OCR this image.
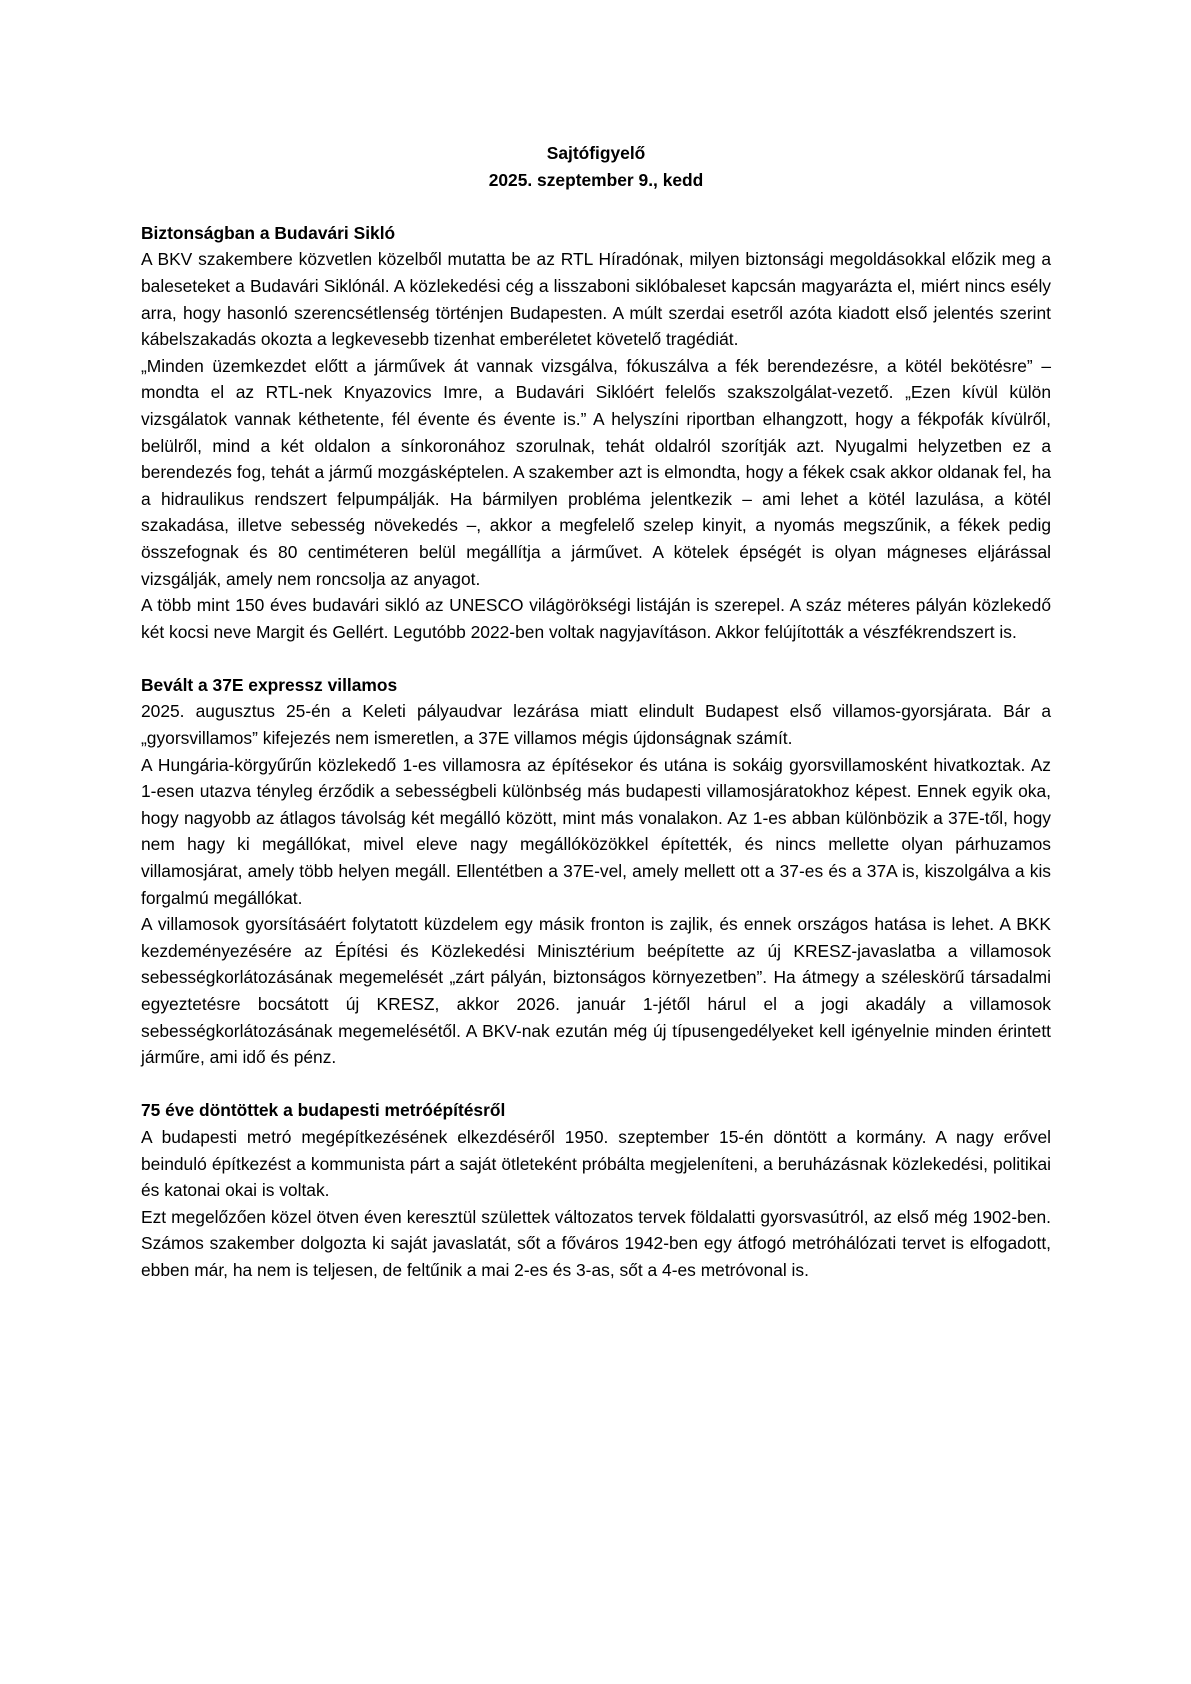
Sajtófigyelő
2025. szeptember 9., kedd

Biztonságban a Budavári Sikló

A BKV szakembere közvetlen közelből mutatta be az RTL Híradónak, milyen biztonsági megoldásokkal előzik meg a baleseteket a Budavári Siklónál. A közlekedési cég a lisszaboni siklóbaleset kapcsán magyarázta el, miért nincs esély arra, hogy hasonló szerencsétlenség történjen Budapesten. A múlt szerdai esetről azóta kiadott első jelentés szerint kábelszakadás okozta a legkevesebb tizenhat emberéletet követelő tragédiát.

„Minden üzemkezdet előtt a járművek át vannak vizsgálva, fókuszálva a fék berendezésre, a kötél bekötésre” – mondta el az RTL-nek Knyazovics Imre, a Budavári Siklóért felelős szakszolgálat-vezető. „Ezen kívül külön vizsgálatok vannak kéthetente, fél évente és évente is.” A helyszíni riportban elhangzott, hogy a fékpofák kívülről, belülről, mind a két oldalon a sínkoronához szorulnak, tehát oldalról szorítják azt. Nyugalmi helyzetben ez a berendezés fog, tehát a jármű mozgásképtelen. A szakember azt is elmondta, hogy a fékek csak akkor oldanak fel, ha a hidraulikus rendszert felpumpálják. Ha bármilyen probléma jelentkezik – ami lehet a kötél lazulása, a kötél szakadása, illetve sebesség növekedés –, akkor a megfelelő szelep kinyit, a nyomás megszűnik, a fékek pedig összefognak és 80 centiméteren belül megállítja a járművet. A kötelek épségét is olyan mágneses eljárással vizsgálják, amely nem roncsolja az anyagot.

A több mint 150 éves budavári sikló az UNESCO világörökségi listáján is szerepel. A száz méteres pályán közlekedő két kocsi neve Margit és Gellért. Legutóbb 2022-ben voltak nagyjavításon. Akkor felújították a vészfékrendszert is.

Bevált a 37E expressz villamos

2025. augusztus 25-én a Keleti pályaudvar lezárása miatt elindult Budapest első villamos-gyorsjárata. Bár a „gyorsvillamos” kifejezés nem ismeretlen, a 37E villamos mégis újdonságnak számít.

A Hungária-körgyűrűn közlekedő 1-es villamosra az építésekor és utána is sokáig gyorsvillamosként hivatkoztak. Az 1-esen utazva tényleg érződik a sebességbeli különbség más budapesti villamosjáratokhoz képest. Ennek egyik oka, hogy nagyobb az átlagos távolság két megálló között, mint más vonalakon. Az 1-es abban különbözik a 37E-től, hogy nem hagy ki megállókat, mivel eleve nagy megállóközökkel építették, és nincs mellette olyan párhuzamos villamosjárat, amely több helyen megáll. Ellentétben a 37E-vel, amely mellett ott a 37-es és a 37A is, kiszolgálva a kis forgalmú megállókat.

A villamosok gyorsításáért folytatott küzdelem egy másik fronton is zajlik, és ennek országos hatása is lehet. A BKK kezdeményezésére az Építési és Közlekedési Minisztérium beépítette az új KRESZ-javaslatba a villamosok sebességkorlátozásának megemelését „zárt pályán, biztonságos környezetben”. Ha átmegy a széleskörű társadalmi egyeztetésre bocsátott új KRESZ, akkor 2026. január 1-jétől hárul el a jogi akadály a villamosok sebességkorlátozásának megemelésétől. A BKV-nak ezután még új típusengedélyeket kell igényelnie minden érintett járműre, ami idő és pénz.

75 éve döntöttek a budapesti metróépítésről

A budapesti metró megépítkezésének elkezdéséről 1950. szeptember 15-én döntött a kormány. A nagy erővel beinduló építkezést a kommunista párt a saját ötleteként próbálta megjeleníteni, a beruházásnak közlekedési, politikai és katonai okai is voltak.

Ezt megelőzően közel ötven éven keresztül születtek változatos tervek földalatti gyorsvasútról, az első még 1902-ben. Számos szakember dolgozta ki saját javaslatát, sőt a főváros 1942-ben egy átfogó metróhálózati tervet is elfogadott, ebben már, ha nem is teljesen, de feltűnik a mai 2-es és 3-as, sőt a 4-es metróvonal is.
